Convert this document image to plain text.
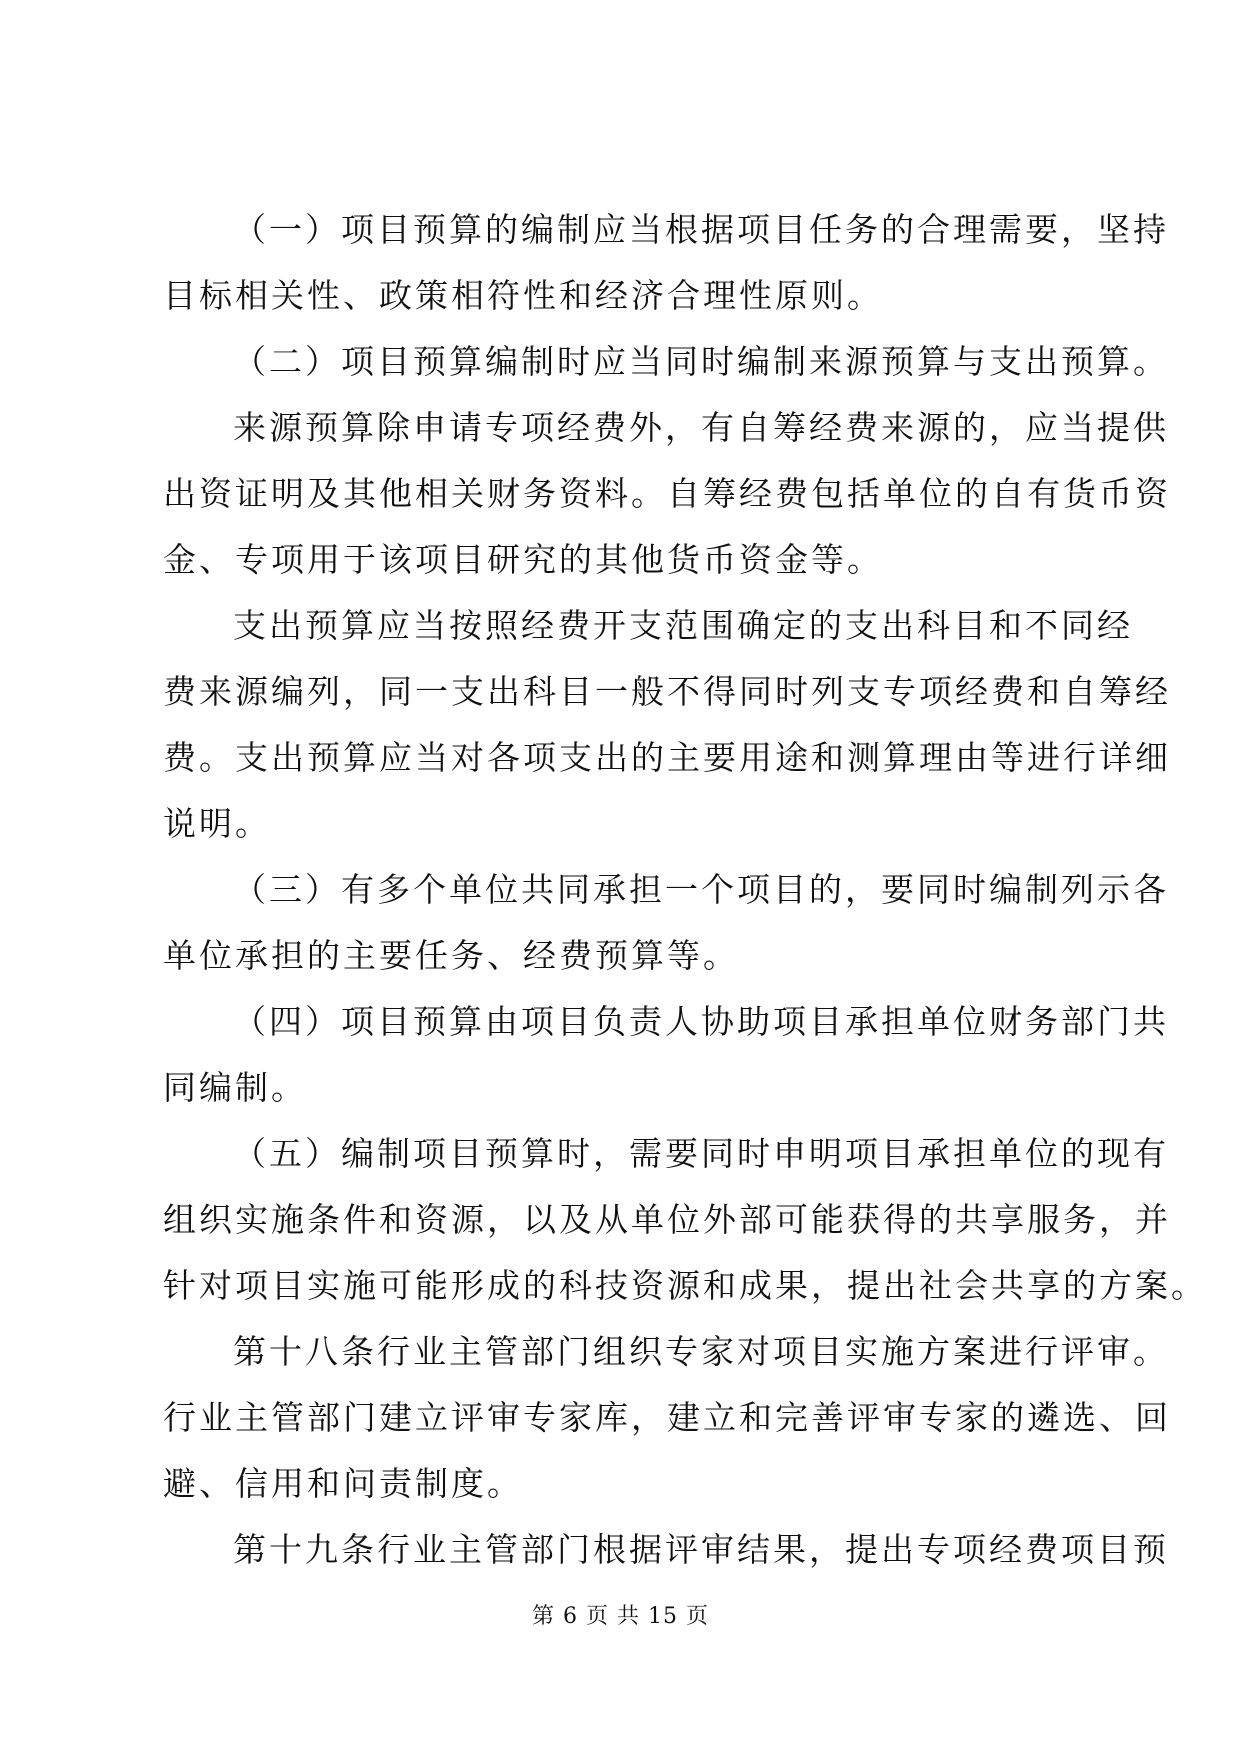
（一）项目预算的编制应当根据项目任务的合理需要，坚持
目标相关性、政策相符性和经济合理性原则。
（二）项目预算编制时应当同时编制来源预算与支出预算。
来源预算除申请专项经费外，有自筹经费来源的，应当提供
出资证明及其他相关财务资料。自筹经费包括单位的自有货币资
金、专项用于该项目研究的其他货币资金等。
支出预算应当按照经费开支范围确定的支出科目和不同经
费来源编列，同一支出科目一般不得同时列支专项经费和自筹经
费。支出预算应当对各项支出的主要用途和测算理由等进行详细
说明。
（三）有多个单位共同承担一个项目的，要同时编制列示各
单位承担的主要任务、经费预算等。
（四）项目预算由项目负责人协助项目承担单位财务部门共
同编制。
（五）编制项目预算时，需要同时申明项目承担单位的现有
组织实施条件和资源，以及从单位外部可能获得的共享服务，并
针对项目实施可能形成的科技资源和成果，提出社会共享的方案。
第十八条行业主管部门组织专家对项目实施方案进行评审。
行业主管部门建立评审专家库，建立和完善评审专家的遴选、回
避、信用和问责制度。
第十九条行业主管部门根据评审结果，提出专项经费项目预
第 6 页 共 15 页
